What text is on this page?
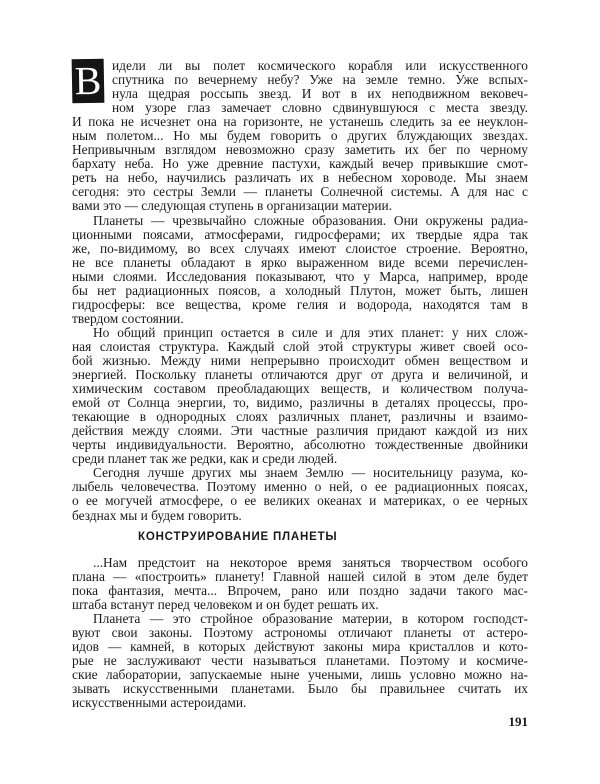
В идели ли вы полет космического корабля или искусственного
спутника по вечернему небу? Уже на земле темно. Уже вспых-
нула щедрая россыпь звезд. И вот в их неподвижном вековеч-
ном узоре глаз замечает словно сдвинувшуюся с места звезду.
И пока не исчезнет она на горизонте, не устанешь следить за ее неуклон-
ным полетом... Но мы будем говорить о других блуждающих звездах.
Непривычным взглядом невозможно сразу заметить их бег по черному
бархату неба. Но уже древние пастухи, каждый вечер привыкшие смот-
реть на небо, научились различать их в небесном хороводе. Мы знаем
сегодня: это сестры Земли — планеты Солнечной системы. А для нас с
вами это — следующая ступень в организации материи.
Планеты — чрезвычайно сложные образования. Они окружены радиа-
ционными поясами, атмосферами, гидросферами; их твердые ядра так
же, по-видимому, во всех случаях имеют слоистое строение. Вероятно,
не все планеты обладают в ярко выраженном виде всеми перечислен-
ными слоями. Исследования показывают, что у Марса, например, вроде
бы нет радиационных поясов, а холодный Плутон, может быть, лишен
гидросферы: все вещества, кроме гелия и водорода, находятся там в
твердом состоянии.
Но общий принцип остается в силе и для этих планет: у них слож-
ная слоистая структура. Каждый слой этой структуры живет своей осо-
бой жизнью. Между ними непрерывно происходит обмен веществом и
энергией. Поскольку планеты отличаются друг от друга и величиной, и
химическим составом преобладающих веществ, и количеством получа-
емой от Солнца энергии, то, видимо, различны в деталях процессы, про-
текающие в однородных слоях различных планет, различны и взаимо-
действия между слоями. Эти частные различия придают каждой из них
черты индивидуальности. Вероятно, абсолютно тождественные двойники
среди планет так же редки, как и среди людей.
Сегодня лучше других мы знаем Землю — носительницу разума, ко-
лыбель человечества. Поэтому именно о ней, о ее радиационных поясах,
о ее могучей атмосфере, о ее великих океанах и материках, о ее черных
безднах мы и будем говорить.
КОНСТРУИРОВАНИЕ ПЛАНЕТЫ
...Нам предстоит на некоторое время заняться творчеством особого
плана — «построить» планету! Главной нашей силой в этом деле будет
пока фантазия, мечта... Впрочем, рано или поздно задачи такого мас-
штаба встанут перед человеком и он будет решать их.
Планета — это стройное образование материи, в котором господст-
вуют свои законы. Поэтому астрономы отличают планеты от астеро-
идов — камней, в которых действуют законы мира кристаллов и кото-
рые не заслуживают чести называться планетами. Поэтому и космиче-
ские лаборатории, запускаемые ныне учеными, лишь условно можно на-
зывать искусственными планетами. Было бы правильнее считать их
искусственными астероидами.
191
